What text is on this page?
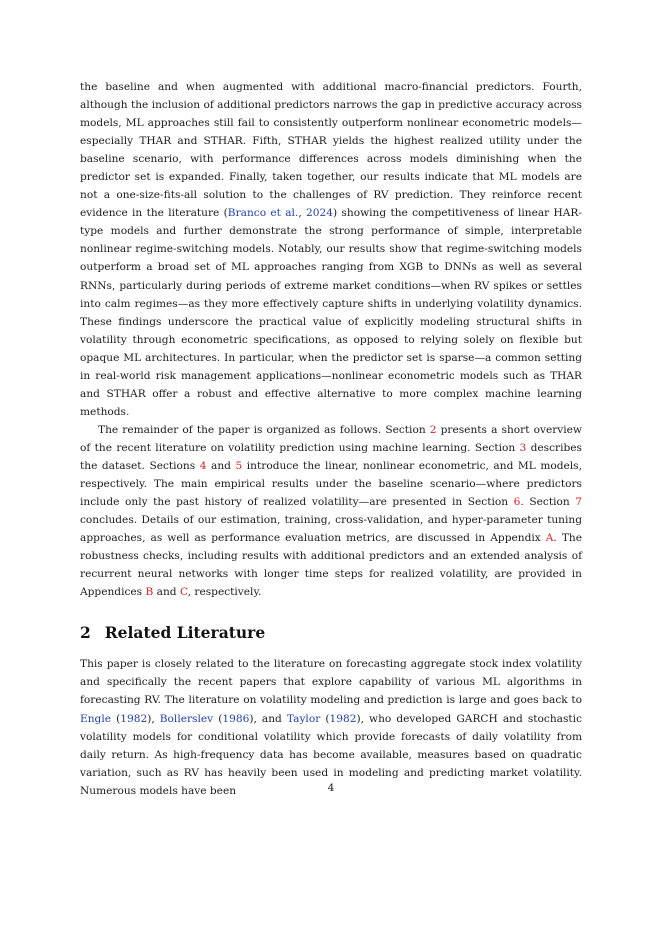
the baseline and when augmented with additional macro-financial predictors. Fourth, although the inclusion of additional predictors narrows the gap in predictive accuracy across models, ML approaches still fail to consistently outperform nonlinear econometric models—especially THAR and STHAR. Fifth, STHAR yields the highest realized utility under the baseline scenario, with performance differences across models diminishing when the predictor set is expanded. Finally, taken together, our results indicate that ML models are not a one-size-fits-all solution to the challenges of RV prediction. They reinforce recent evidence in the literature (Branco et al., 2024) showing the competitiveness of linear HAR-type models and further demonstrate the strong performance of simple, interpretable nonlinear regime-switching models. Notably, our results show that regime-switching models outperform a broad set of ML approaches ranging from XGB to DNNs as well as several RNNs, particularly during periods of extreme market conditions—when RV spikes or settles into calm regimes—as they more effectively capture shifts in underlying volatility dynamics. These findings underscore the practical value of explicitly modeling structural shifts in volatility through econometric specifications, as opposed to relying solely on flexible but opaque ML architectures. In particular, when the predictor set is sparse—a common setting in real-world risk management applications—nonlinear econometric models such as THAR and STHAR offer a robust and effective alternative to more complex machine learning methods.

The remainder of the paper is organized as follows. Section 2 presents a short overview of the recent literature on volatility prediction using machine learning. Section 3 describes the dataset. Sections 4 and 5 introduce the linear, nonlinear econometric, and ML models, respectively. The main empirical results under the baseline scenario—where predictors include only the past history of realized volatility—are presented in Section 6. Section 7 concludes. Details of our estimation, training, cross-validation, and hyper-parameter tuning approaches, as well as performance evaluation metrics, are discussed in Appendix A. The robustness checks, including results with additional predictors and an extended analysis of recurrent neural networks with longer time steps for realized volatility, are provided in Appendices B and C, respectively.

2 Related Literature

This paper is closely related to the literature on forecasting aggregate stock index volatility and specifically the recent papers that explore capability of various ML algorithms in forecasting RV. The literature on volatility modeling and prediction is large and goes back to Engle (1982), Bollerslev (1986), and Taylor (1982), who developed GARCH and stochastic volatility models for conditional volatility which provide forecasts of daily volatility from daily return. As high-frequency data has become available, measures based on quadratic variation, such as RV has heavily been used in modeling and predicting market volatility. Numerous models have been	4
